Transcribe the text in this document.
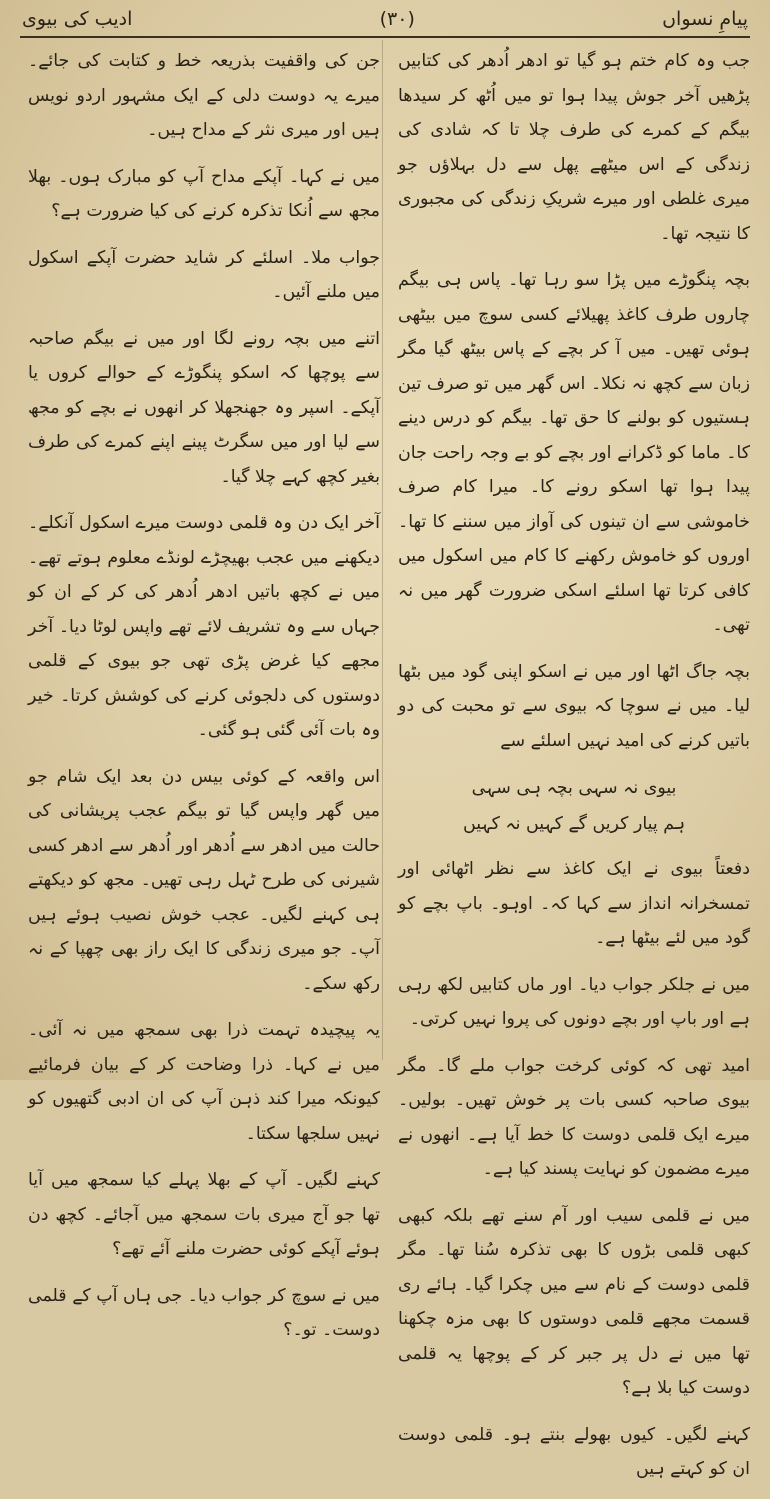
پیامِ نسواں
(۳۰)
ادیب کی بیوی

جب وہ کام ختم ہو گیا تو ادھر اُدھر کی کتابیں پڑھیں آخر جوش پیدا ہوا تو میں اُٹھ کر سیدھا بیگم کے کمرے کی طرف چلا تا کہ شادی کی زندگی کے اس میٹھے پھل سے دل بہلاؤں جو میری غلطی اور میرے شریکِ زندگی کی مجبوری کا نتیجہ تھا۔

بچہ پنگوڑے میں پڑا سو رہا تھا۔ پاس ہی بیگم چاروں طرف کاغذ پھیلائے کسی سوچ میں بیٹھی ہوئی تھیں۔ میں آ کر بچے کے پاس بیٹھ گیا مگر زبان سے کچھ نہ نکلا۔ اس گھر میں تو صرف تین ہستیوں کو بولنے کا حق تھا۔ بیگم کو درس دینے کا۔ ماما کو ڈکرانے اور بچے کو بے وجہ راحت جان پیدا ہوا تھا اسکو رونے کا۔ میرا کام صرف خاموشی سے ان تینوں کی آواز میں سننے کا تھا۔ اوروں کو خاموش رکھنے کا کام میں اسکول میں کافی کرتا تھا اسلئے اسکی ضرورت گھر میں نہ تھی۔

بچہ جاگ اٹھا اور میں نے اسکو اپنی گود میں بٹھا لیا۔ میں نے سوچا کہ بیوی سے تو محبت کی دو باتیں کرنے کی امید نہیں اسلئے سے

بیوی نہ سہی بچہ ہی سہی
ہم پیار کریں گے کہیں نہ کہیں

دفعتاً بیوی نے ایک کاغذ سے نظر اٹھائی اور تمسخرانہ انداز سے کہا کہ۔ اوہو۔ باپ بچے کو گود میں لئے بیٹھا ہے۔

میں نے جلکر جواب دیا۔ اور ماں کتابیں لکھ رہی ہے اور باپ اور بچے دونوں کی پروا نہیں کرتی۔

امید تھی کہ کوئی کرخت جواب ملے گا۔ مگر بیوی صاحبہ کسی بات پر خوش تھیں۔ بولیں۔ میرے ایک قلمی دوست کا خط آیا ہے۔ انھوں نے میرے مضمون کو نہایت پسند کیا ہے۔

میں نے قلمی سیب اور آم سنے تھے بلکہ کبھی کبھی قلمی بڑوں کا بھی تذکرہ سُنا تھا۔ مگر قلمی دوست کے نام سے میں چکرا گیا۔ ہائے ری قسمت مجھے قلمی دوستوں کا بھی مزہ چکھنا تھا میں نے دل پر جبر کر کے پوچھا یہ قلمی دوست کیا بلا ہے؟

کہنے لگیں۔ کیوں بھولے بنتے ہو۔ قلمی دوست ان کو کہتے ہیں

جن کی واقفیت بذریعہ خط و کتابت کی جائے۔ میرے یہ دوست دلی کے ایک مشہور اردو نویس ہیں اور میری نثر کے مداح ہیں۔

میں نے کہا۔ آپکے مداح آپ کو مبارک ہوں۔ بھلا مجھ سے اُنکا تذکرہ کرنے کی کیا ضرورت ہے؟

جواب ملا۔ اسلئے کر شاید حضرت آپکے اسکول میں ملنے آئیں۔

اتنے میں بچہ رونے لگا اور میں نے بیگم صاحبہ سے پوچھا کہ اسکو پنگوڑے کے حوالے کروں یا آپکے۔ اسپر وہ جھنجھلا کر انھوں نے بچے کو مجھ سے لیا اور میں سگرٹ پینے اپنے کمرے کی طرف بغیر کچھ کہے چلا گیا۔

آخر ایک دن وہ قلمی دوست میرے اسکول آنکلے۔ دیکھنے میں عجب بھیچڑے لونڈے معلوم ہوتے تھے۔ میں نے کچھ باتیں ادھر اُدھر کی کر کے ان کو جہاں سے وہ تشریف لائے تھے واپس لوٹا دیا۔ آخر مجھے کیا غرض پڑی تھی جو بیوی کے قلمی دوستوں کی دلجوئی کرنے کی کوشش کرتا۔ خیر وہ بات آئی گئی ہو گئی۔

اس واقعہ کے کوئی بیس دن بعد ایک شام جو میں گھر واپس گیا تو بیگم عجب پریشانی کی حالت میں ادھر سے اُدھر اور اُدھر سے ادھر کسی شیرنی کی طرح ٹہل رہی تھیں۔ مجھ کو دیکھتے ہی کہنے لگیں۔ عجب خوش نصیب ہوئے ہیں آپ۔ جو میری زندگی کا ایک راز بھی چھپا کے نہ رکھ سکے۔

یہ پیچیدہ تہمت ذرا بھی سمجھ میں نہ آئی۔ میں نے کہا۔ ذرا وضاحت کر کے بیان فرمائیے کیونکہ میرا کند ذہن آپ کی ان ادبی گتھیوں کو نہیں سلجھا سکتا۔

کہنے لگیں۔ آپ کے بھلا پہلے کیا سمجھ میں آیا تھا جو آج میری بات سمجھ میں آجائے۔ کچھ دن ہوئے آپکے کوئی حضرت ملنے آئے تھے؟

میں نے سوچ کر جواب دیا۔ جی ہاں آپ کے قلمی دوست۔ تو۔؟
